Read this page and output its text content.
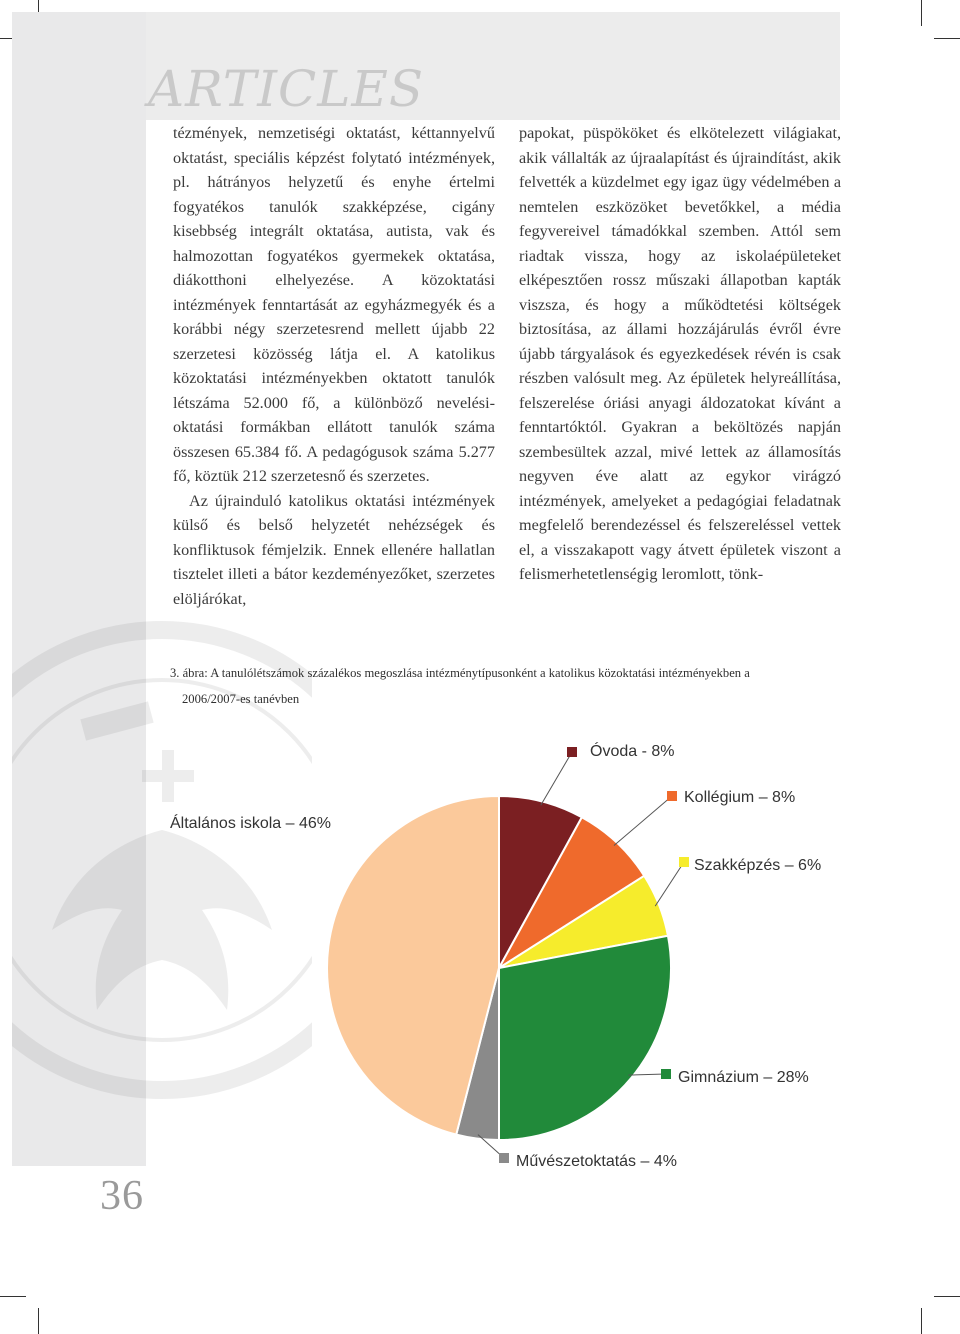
ARTICLES

tézmények, nemzetiségi oktatást, kéttannyelvű oktatást, speciális képzést folytató intézmények, pl. hátrányos helyzetű és enyhe értelmi fogyatékos tanulók szakképzése, cigány kisebbség integrált oktatása, autista, vak és halmozottan fogyatékos gyermekek oktatása, diákotthoni elhelyezése. A közoktatási intézmények fenntartását az egyházmegyék és a korábbi négy szerzetesrend mellett újabb 22 szerzetesi közösség látja el. A katolikus közoktatási intézményekben oktatott tanulók létszáma 52.000 fő, a különböző nevelési-oktatási formákban ellátott tanulók száma összesen 65.384 fő. A pedagógusok száma 5.277 fő, köztük 212 szerzetesnő és szerzetes.

Az újrainduló katolikus oktatási intézmények külső és belső helyzetét nehézségek és konfliktusok fémjelzik. Ennek ellenére hallatlan tisztelet illeti a bátor kezdeményezőket, szerzetes elöljárókat,

papokat, püspököket és elkötelezett világiakat, akik vállalták az újraalapítást és újraindítást, akik felvették a küzdelmet egy igaz ügy védelmében a nemtelen eszközöket bevetőkkel, a média fegyvereivel támadókkal szemben. Attól sem riadtak vissza, hogy az iskolaépületeket elképesztően rossz műszaki állapotban kapták viszsza, és hogy a működtetési költségek biztosítása, az állami hozzájárulás évről évre újabb tárgyalások és egyezkedések révén is csak részben valósult meg. Az épületek helyreállítása, felszerelése óriási anyagi áldozatokat kívánt a fenntartóktól. Gyakran a beköltözés napján szembesültek azzal, mivé lettek az államosítás negyven éve alatt az egykor virágzó intézmények, amelyeket a pedagógiai feladatnak megfelelő berendezéssel és felszereléssel vettek el, a visszakapott vagy átvett épületek viszont a felismerhetetlenségig leromlott, tönk-

3. ábra: A tanulólétszámok százalékos megoszlása intézménytípusonként a katolikus közoktatási intézményekben a
2006/2007-es tanévben
Óvoda - 8%
Kollégium – 8%
Szakképzés – 6%
Gimnázium – 28%
Művészetoktatás – 4%
Általános iskola – 46%
36
